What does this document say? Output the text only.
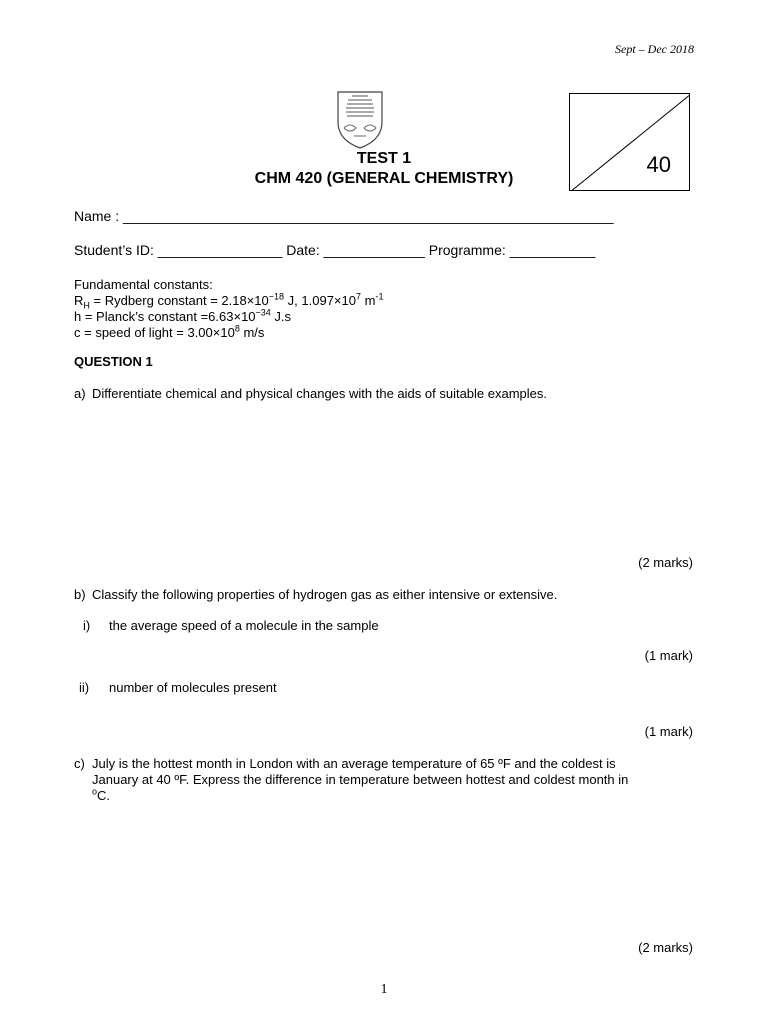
Sept – Dec 2018
TEST 1
CHM 420 (GENERAL CHEMISTRY)
40
Name : _______________________________________________________________
Student’s ID: ________________ Date: _____________ Programme: ___________
Fundamental constants:
$R_H$ = Rydberg constant = $2.18\times 10^{-18}$ J, $1.097\times 10^7$ $m^{-1}$
h = Planck’s constant $=6.63\times 10^{-34}$ J.s
c = speed of light = $3.00\times 10^8$ m/s
QUESTION 1
a) Differentiate chemical and physical changes with the aids of suitable examples.
(2 marks)
b) Classify the following properties of hydrogen gas as either intensive or extensive.
i) the average speed of a molecule in the sample
(1 mark)
ii) number of molecules present
(1 mark)
c) July is the hottest month in London with an average temperature of 65 ºF and the coldest is
January at 40 ºF. Express the difference in temperature between hottest and coldest month in
$^o$C.
(2 marks)
1
